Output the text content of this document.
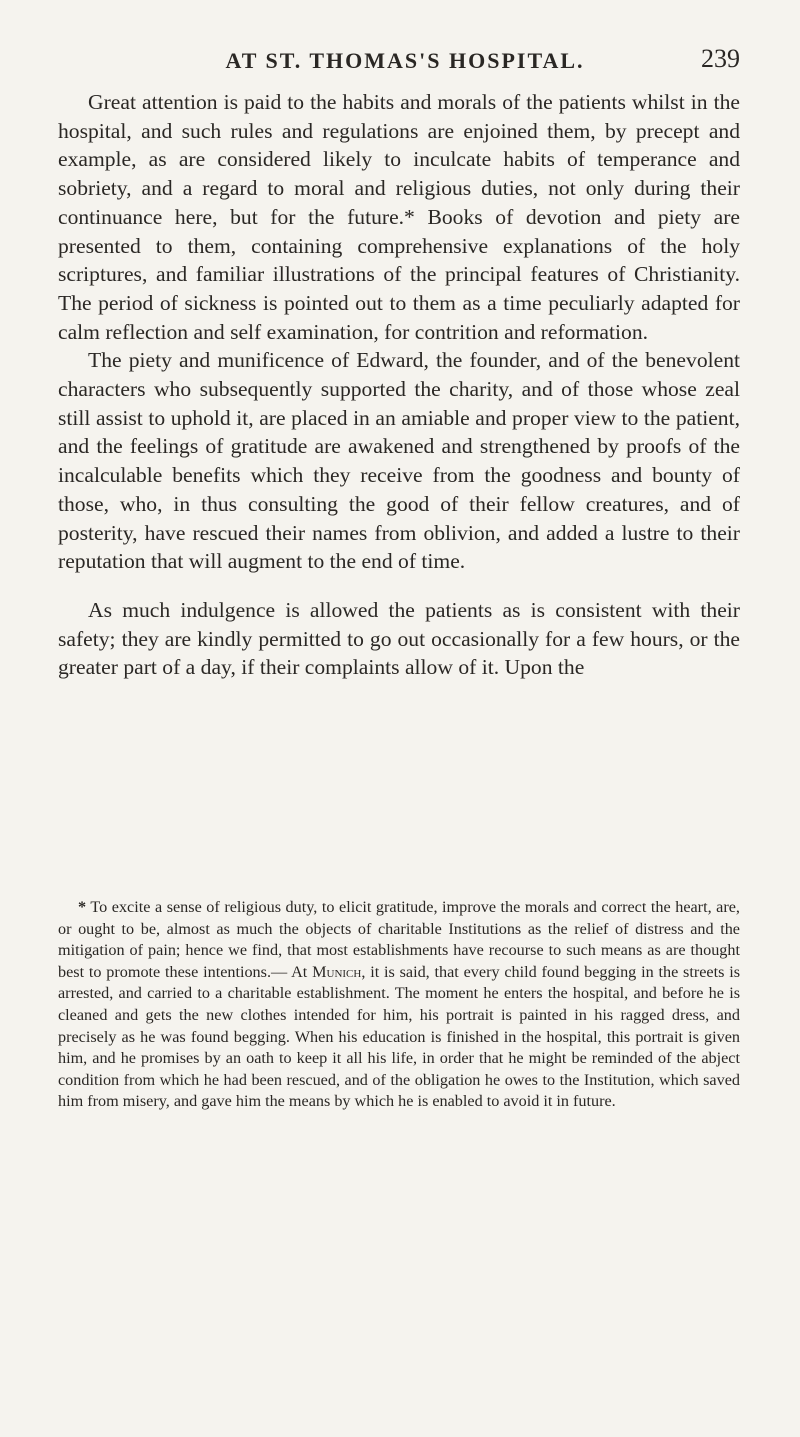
AT ST. THOMAS'S HOSPITAL.	239

Great attention is paid to the habits and morals of the patients whilst in the hospital, and such rules and regulations are enjoined them, by precept and example, as are considered likely to inculcate habits of temperance and sobriety, and a regard to moral and religious duties, not only during their continuance here, but for the future.* Books of devotion and piety are presented to them, containing comprehensive explanations of the holy scriptures, and familiar illustrations of the principal features of Christianity. The period of sickness is pointed out to them as a time peculiarly adapted for calm reflection and self examination, for contrition and reformation.

The piety and munificence of Edward, the founder, and of the benevolent characters who subsequently supported the charity, and of those whose zeal still assist to uphold it, are placed in an amiable and proper view to the patient, and the feelings of gratitude are awakened and strengthened by proofs of the incalculable benefits which they receive from the goodness and bounty of those, who, in thus consulting the good of their fellow creatures, and of posterity, have rescued their names from oblivion, and added a lustre to their reputation that will augment to the end of time.

As much indulgence is allowed the patients as is consistent with their safety; they are kindly permitted to go out occasionally for a few hours, or the greater part of a day, if their complaints allow of it. Upon the

* To excite a sense of religious duty, to elicit gratitude, improve the morals and correct the heart, are, or ought to be, almost as much the objects of charitable Institutions as the relief of distress and the mitigation of pain; hence we find, that most establishments have recourse to such means as are thought best to promote these intentions.— At Munich, it is said, that every child found begging in the streets is arrested, and carried to a charitable establishment. The moment he enters the hospital, and before he is cleaned and gets the new clothes intended for him, his portrait is painted in his ragged dress, and precisely as he was found begging. When his education is finished in the hospital, this portrait is given him, and he promises by an oath to keep it all his life, in order that he might be reminded of the abject condition from which he had been rescued, and of the obligation he owes to the Institution, which saved him from misery, and gave him the means by which he is enabled to avoid it in future.
